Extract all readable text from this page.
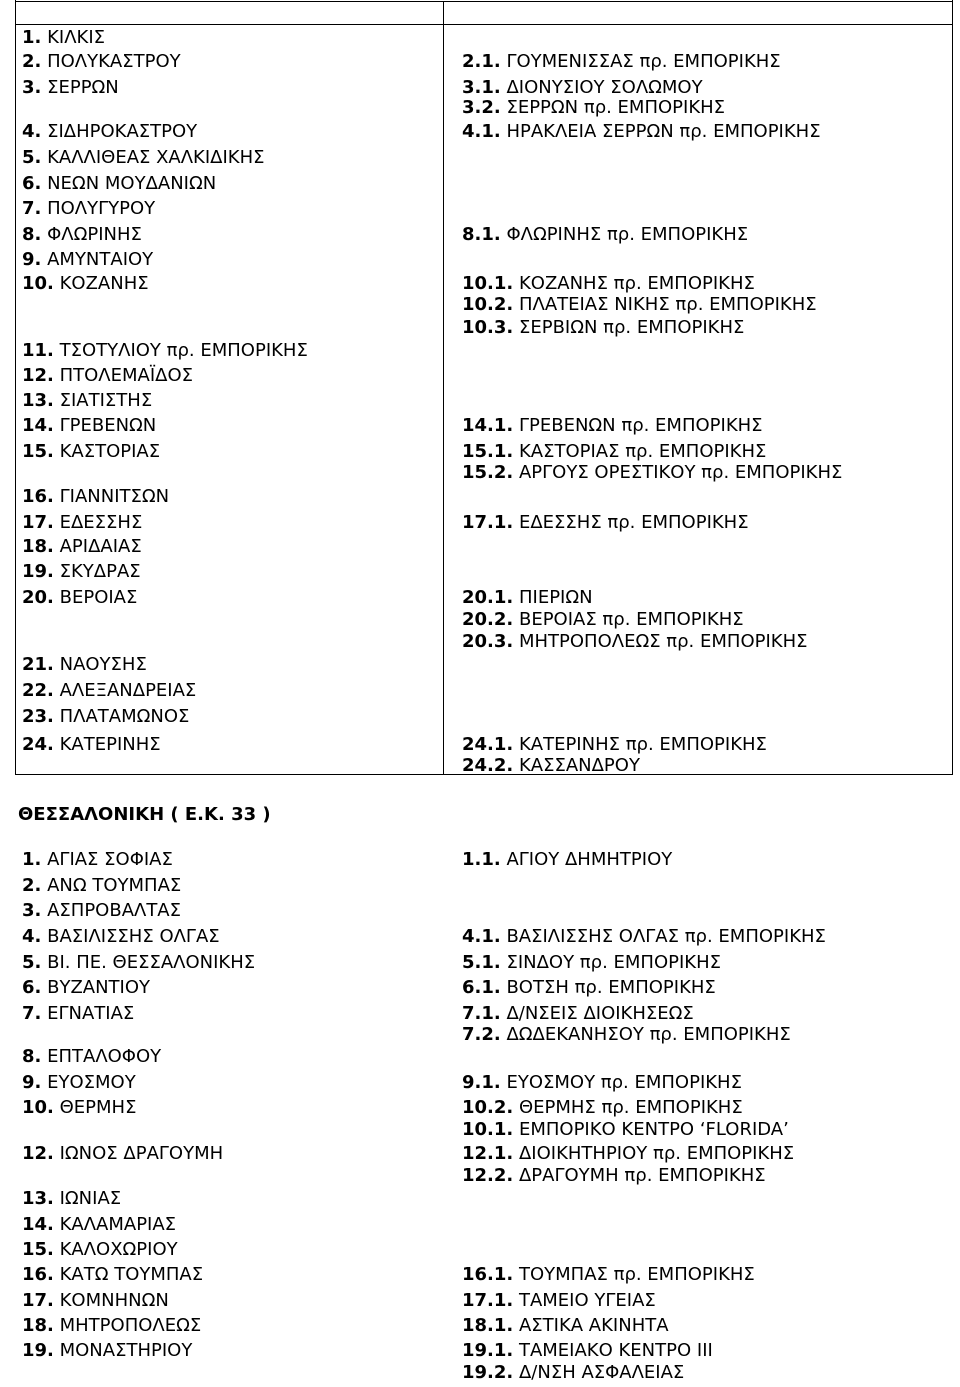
1. ΚΙΛΚΙΣ
2. ΠΟΛΥΚΑΣΤΡΟΥ
3. ΣΕΡΡΩΝ
4. ΣΙΔΗΡΟΚΑΣΤΡΟΥ
5. ΚΑΛΛΙΘΕΑΣ ΧΑΛΚΙΔΙΚΗΣ
6. ΝΕΩΝ ΜΟΥΔΑΝΙΩΝ
7. ΠΟΛΥΓΥΡΟΥ
8. ΦΛΩΡΙΝΗΣ
9. ΑΜΥΝΤΑΙΟΥ
10. ΚΟΖΑΝΗΣ
11. ΤΣΟΤΥΛΙΟΥ πρ. ΕΜΠΟΡΙΚΗΣ
12. ΠΤΟΛΕΜΑΪΔΟΣ
13. ΣΙΑΤΙΣΤΗΣ
14. ΓΡΕΒΕΝΩΝ
15. ΚΑΣΤΟΡΙΑΣ
16. ΓΙΑΝΝΙΤΣΩΝ
17. ΕΔΕΣΣΗΣ
18. ΑΡΙΔΑΙΑΣ
19. ΣΚΥΔΡΑΣ
20. ΒΕΡΟΙΑΣ
21. ΝΑΟΥΣΗΣ
22. ΑΛΕΞΑΝΔΡΕΙΑΣ
23. ΠΛΑΤΑΜΩΝΟΣ
24. ΚΑΤΕΡΙΝΗΣ
2.1. ΓΟΥΜΕΝΙΣΣΑΣ πρ. ΕΜΠΟΡΙΚΗΣ
3.1. ΔΙΟΝΥΣΙΟΥ ΣΟΛΩΜΟΥ
3.2. ΣΕΡΡΩΝ πρ. ΕΜΠΟΡΙΚΗΣ
4.1. ΗΡΑΚΛΕΙΑ ΣΕΡΡΩΝ πρ. ΕΜΠΟΡΙΚΗΣ
8.1. ΦΛΩΡΙΝΗΣ πρ. ΕΜΠΟΡΙΚΗΣ
10.1. ΚΟΖΑΝΗΣ πρ. ΕΜΠΟΡΙΚΗΣ
10.2. ΠΛΑΤΕΙΑΣ ΝΙΚΗΣ πρ. ΕΜΠΟΡΙΚΗΣ
10.3. ΣΕΡΒΙΩΝ πρ. ΕΜΠΟΡΙΚΗΣ
14.1. ΓΡΕΒΕΝΩΝ πρ. ΕΜΠΟΡΙΚΗΣ
15.1. ΚΑΣΤΟΡΙΑΣ πρ. ΕΜΠΟΡΙΚΗΣ
15.2. ΑΡΓΟΥΣ ΟΡΕΣΤΙΚΟΥ πρ. ΕΜΠΟΡΙΚΗΣ
17.1. ΕΔΕΣΣΗΣ πρ. ΕΜΠΟΡΙΚΗΣ
20.1. ΠΙΕΡΙΩΝ
20.2. ΒΕΡΟΙΑΣ πρ. ΕΜΠΟΡΙΚΗΣ
20.3. ΜΗΤΡΟΠΟΛΕΩΣ πρ. ΕΜΠΟΡΙΚΗΣ
24.1. ΚΑΤΕΡΙΝΗΣ πρ. ΕΜΠΟΡΙΚΗΣ
24.2. ΚΑΣΣΑΝΔΡΟΥ
1. ΑΓΙΑΣ ΣΟΦΙΑΣ
2. ΑΝΩ ΤΟΥΜΠΑΣ
3. ΑΣΠΡΟΒΑΛΤΑΣ
4. ΒΑΣΙΛΙΣΣΗΣ ΟΛΓΑΣ
5. ΒΙ. ΠΕ. ΘΕΣΣΑΛΟΝΙΚΗΣ
6. ΒΥΖΑΝΤΙΟΥ
7. ΕΓΝΑΤΙΑΣ
8. ΕΠΤΑΛΟΦΟΥ
9. ΕΥΟΣΜΟΥ
10. ΘΕΡΜΗΣ
12. ΙΩΝΟΣ ΔΡΑΓΟΥΜΗ
13. ΙΩΝΙΑΣ
14. ΚΑΛΑΜΑΡΙΑΣ
15. ΚΑΛΟΧΩΡΙΟΥ
16. ΚΑΤΩ ΤΟΥΜΠΑΣ
17. ΚΟΜΝΗΝΩΝ
18. ΜΗΤΡΟΠΟΛΕΩΣ
19. ΜΟΝΑΣΤΗΡΙΟΥ
1.1. ΑΓΙΟΥ ΔΗΜΗΤΡΙΟΥ
4.1. ΒΑΣΙΛΙΣΣΗΣ ΟΛΓΑΣ πρ. ΕΜΠΟΡΙΚΗΣ
5.1. ΣΙΝΔΟΥ πρ. ΕΜΠΟΡΙΚΗΣ
6.1. ΒΟΤΣΗ πρ. ΕΜΠΟΡΙΚΗΣ
7.1. Δ/ΝΣΕΙΣ ΔΙΟΙΚΗΣΕΩΣ
7.2. ΔΩΔΕΚΑΝΗΣΟΥ πρ. ΕΜΠΟΡΙΚΗΣ
9.1. ΕΥΟΣΜΟΥ πρ. ΕΜΠΟΡΙΚΗΣ
10.2. ΘΕΡΜΗΣ πρ. ΕΜΠΟΡΙΚΗΣ
10.1. ΕΜΠΟΡΙΚΟ ΚΕΝΤΡΟ ‘FLORIDA’
12.1. ΔΙΟΙΚΗΤΗΡΙΟΥ πρ. ΕΜΠΟΡΙΚΗΣ
12.2. ΔΡΑΓΟΥΜΗ πρ. ΕΜΠΟΡΙΚΗΣ
16.1. ΤΟΥΜΠΑΣ πρ. ΕΜΠΟΡΙΚΗΣ
17.1. ΤΑΜΕΙΟ ΥΓΕΙΑΣ
18.1. ΑΣΤΙΚΑ ΑΚΙΝΗΤΑ
19.1. ΤΑΜΕΙΑΚΟ ΚΕΝΤΡΟ ΙΙΙ
19.2. Δ/ΝΣΗ ΑΣΦΑΛΕΙΑΣ
ΘΕΣΣΑΛΟΝΙΚΗ ( Ε.Κ. 33 )
